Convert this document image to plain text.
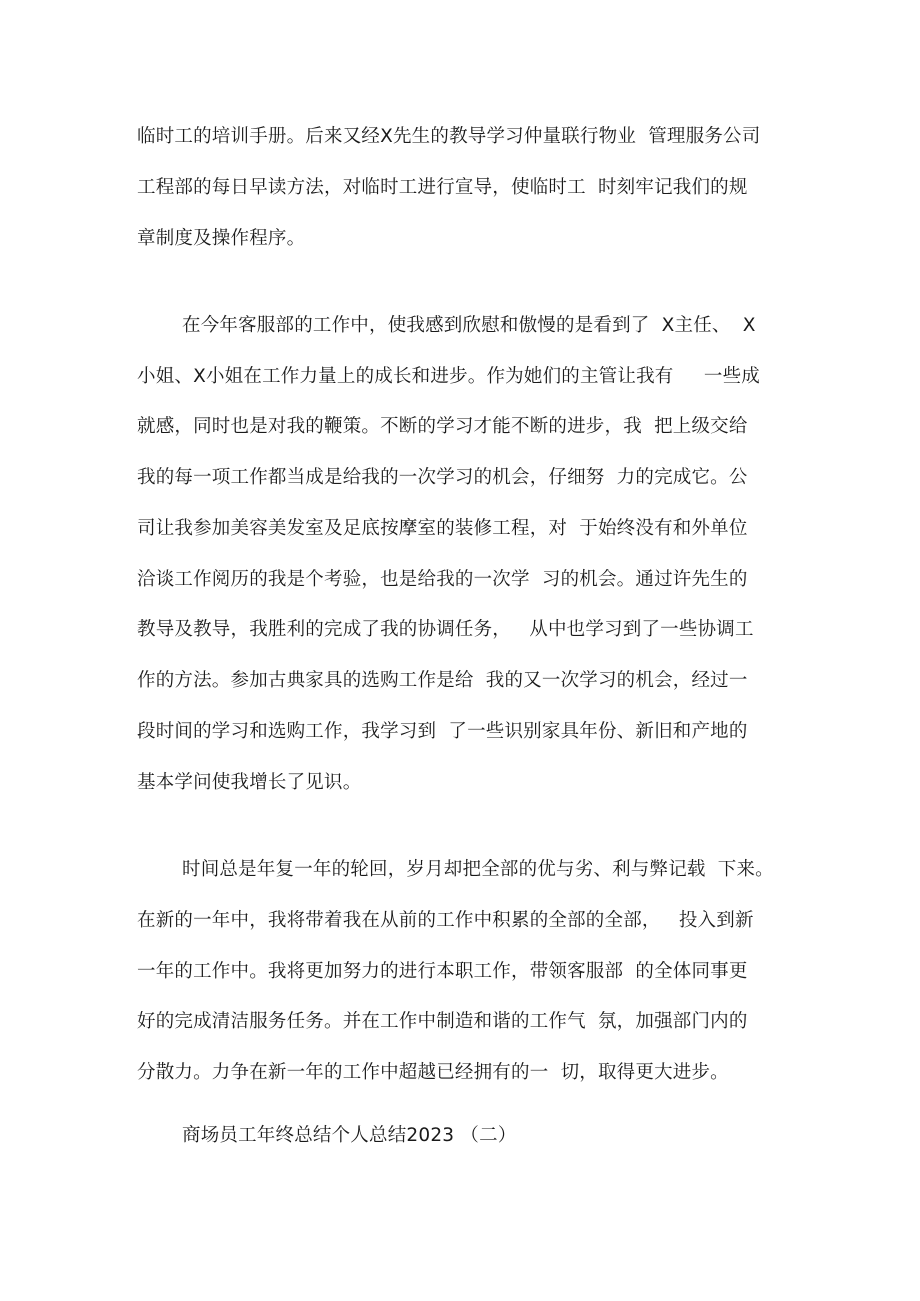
临时工的培训手册。后来又经X先生的教导学习仲量联行物业  管理服务公司
工程部的每日早读方法，对临时工进行宣导，使临时工  时刻牢记我们的规
章制度及操作程序。
在今年客服部的工作中，使我感到欣慰和傲慢的是看到了  X主任、  X
小姐、X小姐在工作力量上的成长和进步。作为她们的主管让我有     一些成
就感，同时也是对我的鞭策。不断的学习才能不断的进步，我  把上级交给
我的每一项工作都当成是给我的一次学习的机会，仔细努  力的完成它。公
司让我参加美容美发室及足底按摩室的装修工程，对  于始终没有和外单位
洽谈工作阅历的我是个考验，也是给我的一次学  习的机会。通过许先生的
教导及教导，我胜利的完成了我的协调任务，   从中也学习到了一些协调工
作的方法。参加古典家具的选购工作是给  我的又一次学习的机会，经过一
段时间的学习和选购工作，我学习到  了一些识别家具年份、新旧和产地的
基本学问使我增长了见识。
时间总是年复一年的轮回，岁月却把全部的优与劣、利与弊记载  下来。
在新的一年中，我将带着我在从前的工作中积累的全部的全部，   投入到新
一年的工作中。我将更加努力的进行本职工作，带领客服部  的全体同事更
好的完成清洁服务任务。并在工作中制造和谐的工作气  氛，加强部门内的
分散力。力争在新一年的工作中超越已经拥有的一  切，取得更大进步。
商场员工年终总结个人总结2023 （二）
